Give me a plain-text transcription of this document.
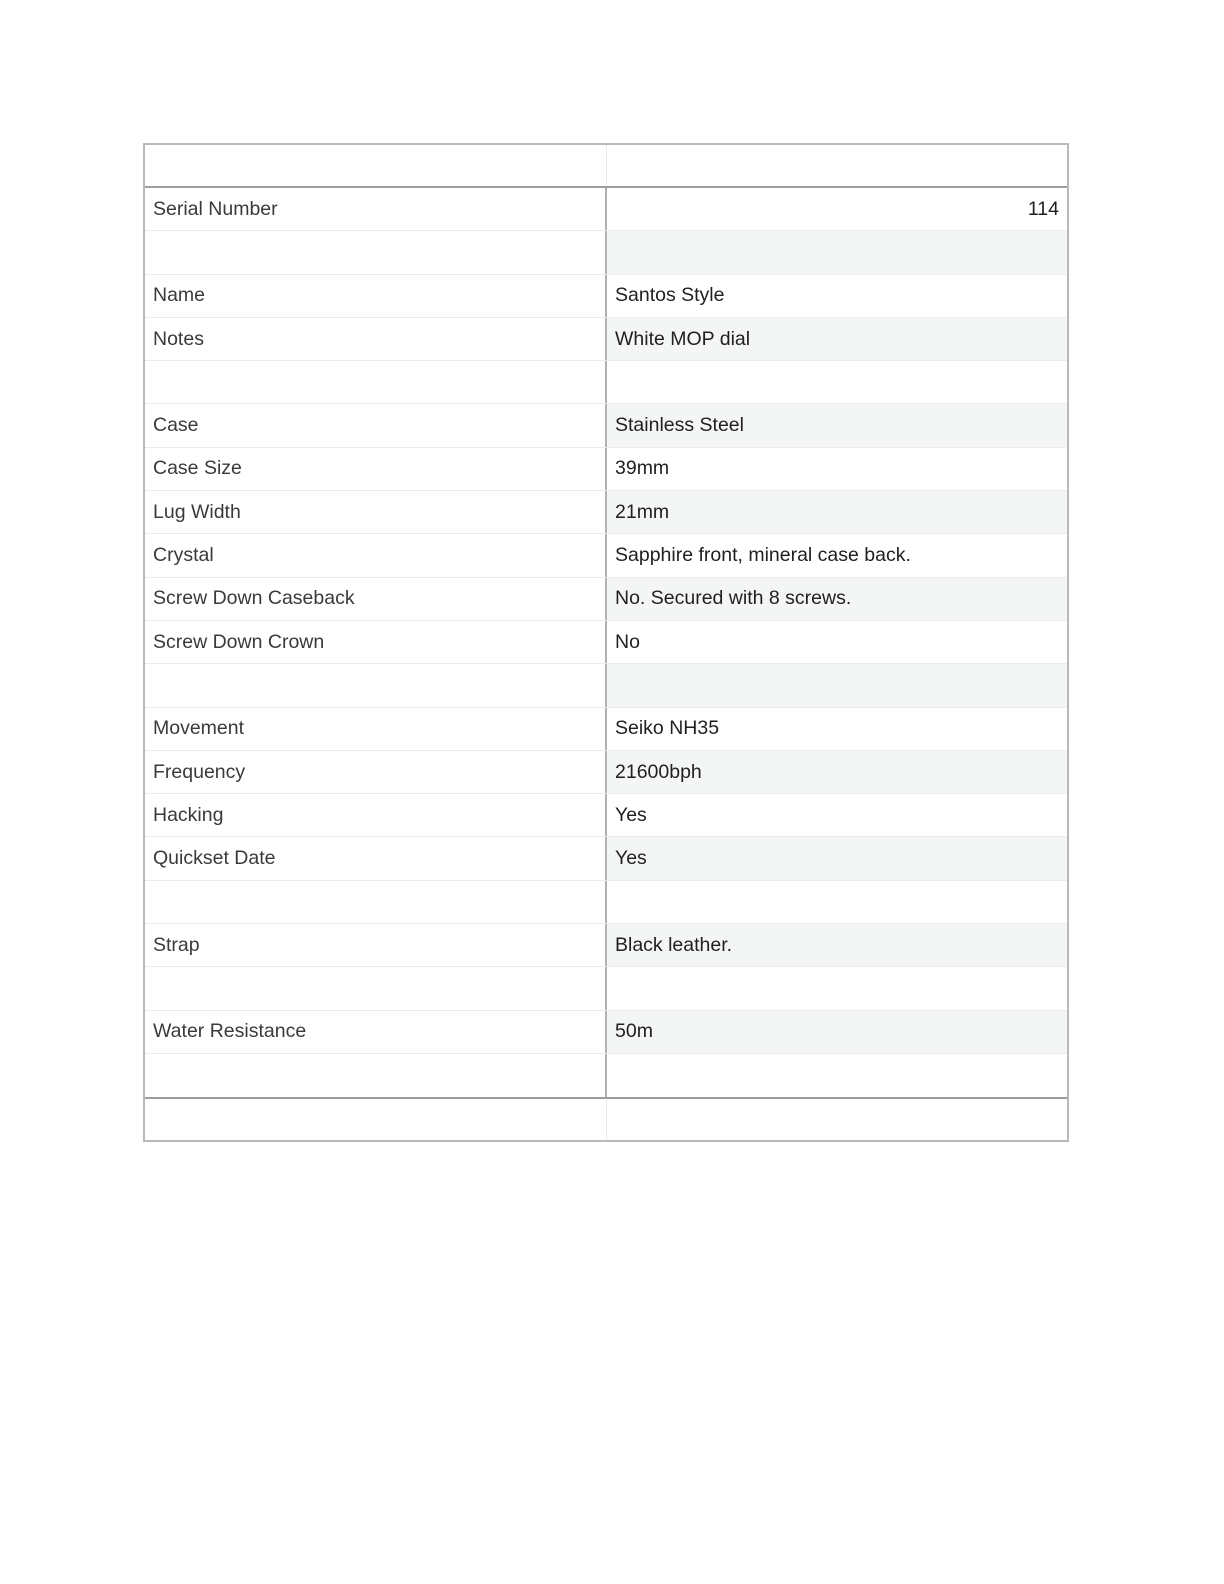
Serial Number	114
Name	Santos Style
Notes	White MOP dial
Case	Stainless Steel
Case Size	39mm
Lug Width	21mm
Crystal	Sapphire front, mineral case back.
Screw Down Caseback	No. Secured with 8 screws.
Screw Down Crown	No
Movement	Seiko NH35
Frequency	21600bph
Hacking	Yes
Quickset Date	Yes
Strap	Black leather.
Water Resistance	50m
